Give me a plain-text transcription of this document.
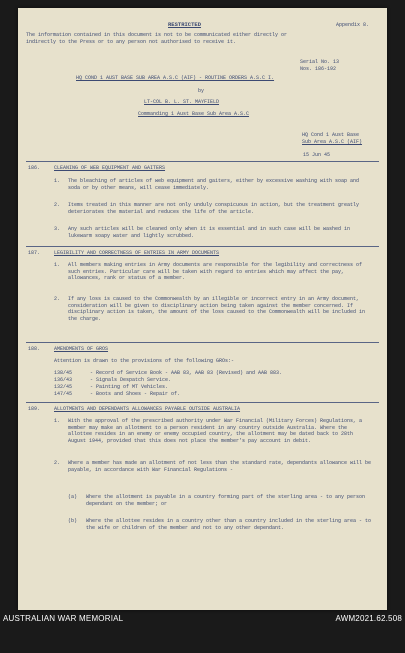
RESTRICTED	Appendix 8.
The information contained in this document is not to be communicated either directly or
indirectly to the Press or to any person not authorised to receive it.
Serial No. 13
Nos. 186-192
HQ COND 1 AUST BASE SUB AREA A.S.C (AIF) - ROUTINE ORDERS A.S.C I.
by
LT-COL B. L. ST. MAYFIELD
Commanding 1 Aust Base Sub Area A.S.C
HQ Cond 1 Aust Base
Sub Area A.S.C (AIF)
15 Jun 45
186.	CLEANING OF WEB EQUIPMENT AND GAITERS
1. The bleaching of articles of web equipment and gaiters, either by excessive washing with soap and soda or by other means, will cease immediately.
2. Items treated in this manner are not only unduly conspicuous in action, but the treatment greatly deteriorates the material and reduces the life of the article.
3. Any such articles will be cleaned only when it is essential and in such case will be washed in lukewarm soapy water and lightly scrubbed.
187.	LEGIBILITY AND CORRECTNESS OF ENTRIES IN ARMY DOCUMENTS
1. All members making entries in Army documents are responsible for the legibility and correctness of such entries. Particular care will be taken with regard to entries which may affect the pay, allowances, rank or status of a member.
2. If any loss is caused to the Commonwealth by an illegible or incorrect entry in an Army document, consideration will be given to disciplinary action being taken against the member concerned. If disciplinary action is taken, the amount of the loss caused to the Commonwealth will be included in the charge.
188.	AMENDMENTS OF GROS
Attention is drawn to the provisions of the following GROs:-
138/45	- Record of Service Book - AAB 83, AAB 83 (Revised) and AAB 883.
136/43	- Signals Despatch Service.
132/45	- Painting of MT Vehicles.
147/45	- Boots and Shoes - Repair of.
189.	ALLOTMENTS AND DEPENDANTS ALLOWANCES PAYABLE OUTSIDE AUSTRALIA
1. With the approval of the prescribed authority under War Financial (Military Forces) Regulations, a member may make an allotment to a person resident in any country outside Australia. Where the allottee resides in an enemy or enemy occupied country, the allotment may be dated back to 28th August 1944, provided that this does not place the member's pay account in debit.
2. Where a member has made an allotment of not less than the standard rate, dependants allowance will be payable, in accordance with War Financial Regulations -
(a) Where the allotment is payable in a country forming part of the sterling area - to any person dependant on the member; or
(b) Where the allottee resides in a country other than a country included in the sterling area - to the wife or children of the member and not to any other dependant.
AUSTRALIAN WAR MEMORIAL	AWM2021.62.508
